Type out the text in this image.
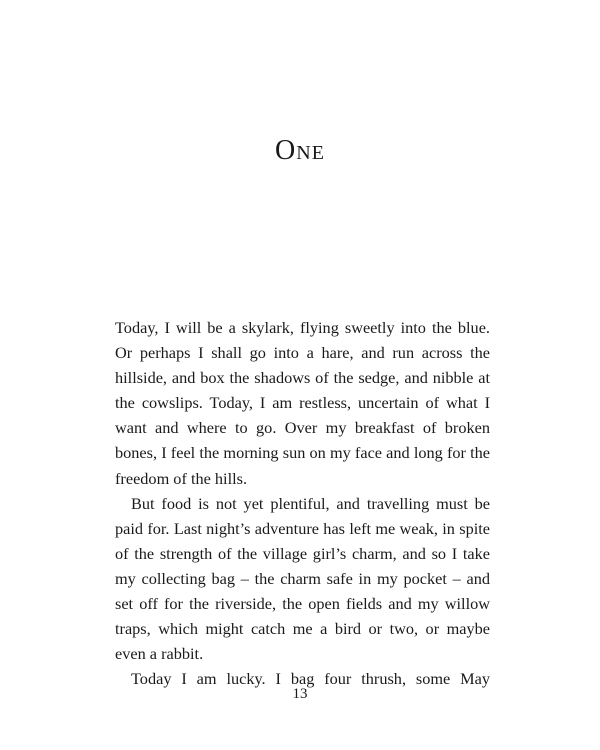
One

Today, I will be a skylark, flying sweetly into the blue. Or perhaps I shall go into a hare, and run across the hillside, and box the shadows of the sedge, and nibble at the cowslips. Today, I am restless, uncertain of what I want and where to go. Over my breakfast of broken bones, I feel the morning sun on my face and long for the freedom of the hills.

But food is not yet plentiful, and travelling must be paid for. Last night’s adventure has left me weak, in spite of the strength of the village girl’s charm, and so I take my collecting bag – the charm safe in my pocket – and set off for the riverside, the open fields and my willow traps, which might catch me a bird or two, or maybe even a rabbit.

Today I am lucky. I bag four thrush, some May

13
